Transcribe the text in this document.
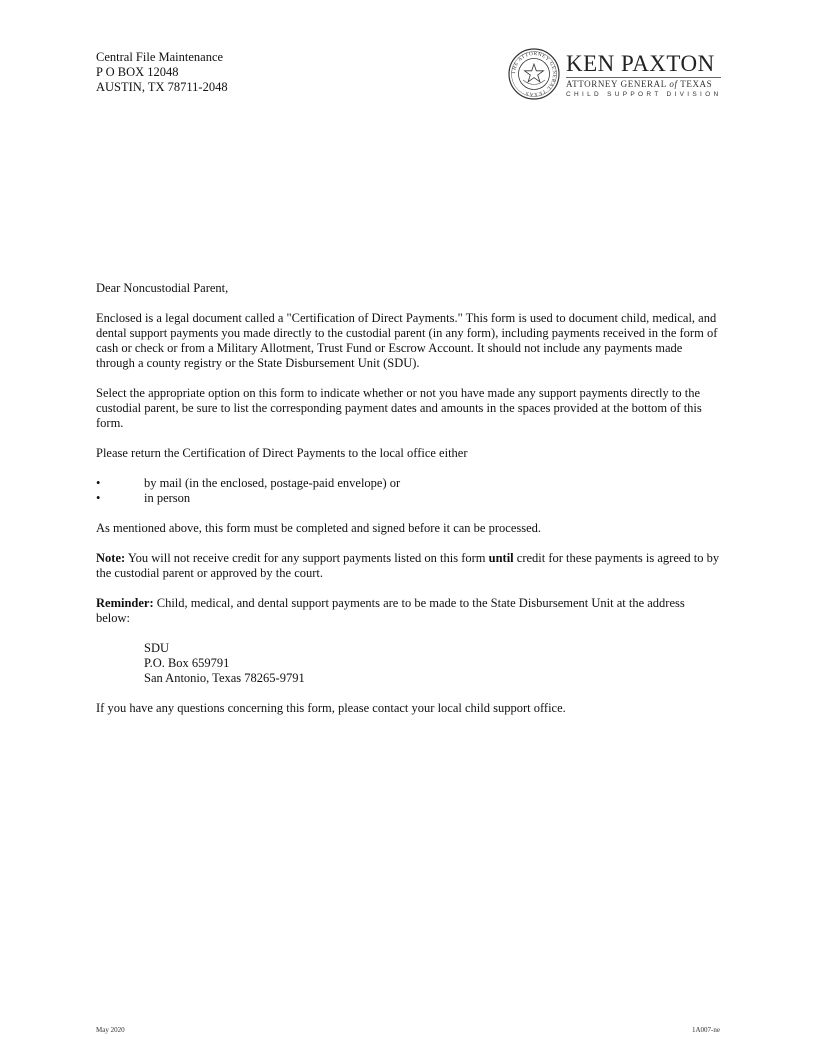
Central File Maintenance
P O BOX 12048
AUSTIN, TX 78711-2048
THE ATTORNEY GENERAL TEXAS
KEN PAXTON
ATTORNEY GENERAL of TEXAS
CHILD SUPPORT DIVISION

Dear Noncustodial Parent,

Enclosed is a legal document called a "Certification of Direct Payments." This form is used to document child, medical, and dental support payments you made directly to the custodial parent (in any form), including payments received in the form of cash or check or from a Military Allotment, Trust Fund or Escrow Account. It should not include any payments made through a county registry or the State Disbursement Unit (SDU).

Select the appropriate option on this form to indicate whether or not you have made any support payments directly to the custodial parent, be sure to list the corresponding payment dates and amounts in the spaces provided at the bottom of this form.

Please return the Certification of Direct Payments to the local office either

•	by mail (in the enclosed, postage-paid envelope) or
•	in person

As mentioned above, this form must be completed and signed before it can be processed.

Note: You will not receive credit for any support payments listed on this form until credit for these payments is agreed to by the custodial parent or approved by the court.

Reminder: Child, medical, and dental support payments are to be made to the State Disbursement Unit at the address below:

SDU
P.O. Box 659791
San Antonio, Texas 78265-9791

If you have any questions concerning this form, please contact your local child support office.

May 2020	1A007-ne
